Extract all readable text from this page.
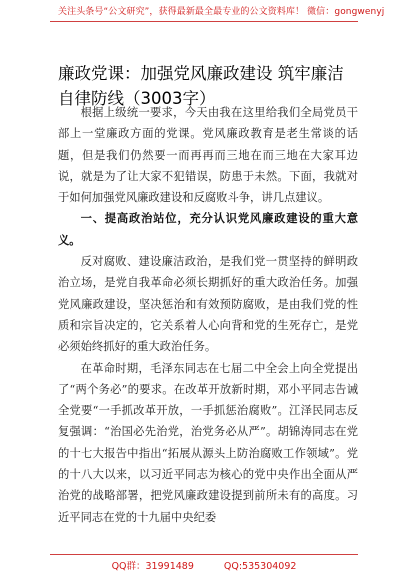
关注头条号“公文研究”，获得最新最全最专业的公文资料库！ 微信：gongwenyj
廉政党课：加强党风廉政建设 筑牢廉洁自律防线（3003字）

根据上级统一要求，今天由我在这里给我们全局党员干部上一堂廉政方面的党课。党风廉政教育是老生常谈的话题，但是我们仍然要一而再再而三地在而三地在大家耳边说，就是为了让大家不犯错误，防患于未然。下面，我就对于如何加强党风廉政建设和反腐败斗争，讲几点建议。

一、提高政治站位，充分认识党风廉政建设的重大意义。

反对腐败、建设廉洁政治，是我们党一贯坚持的鲜明政治立场，是党自我革命必须长期抓好的重大政治任务。加强党风廉政建设，坚决惩治和有效预防腐败，是由我们党的性质和宗旨决定的，它关系着人心向背和党的生死存亡，是党必须始终抓好的重大政治任务。

在革命时期，毛泽东同志在七届二中全会上向全党提出了“两个务必”的要求。在改革开放新时期，邓小平同志告诫全党要“一手抓改革开放，一手抓惩治腐败”。江泽民同志反复强调：“治国必先治党，治党务必从严”。胡锦涛同志在党的十七大报告中指出“拓展从源头上防治腐败工作领域”。党的十八大以来，以习近平同志为核心的党中央作出全面从严治党的战略部署，把党风廉政建设提到前所未有的高度。习近平同志在党的十九届中央纪委

QQ群：31991489	QQ:535304092
